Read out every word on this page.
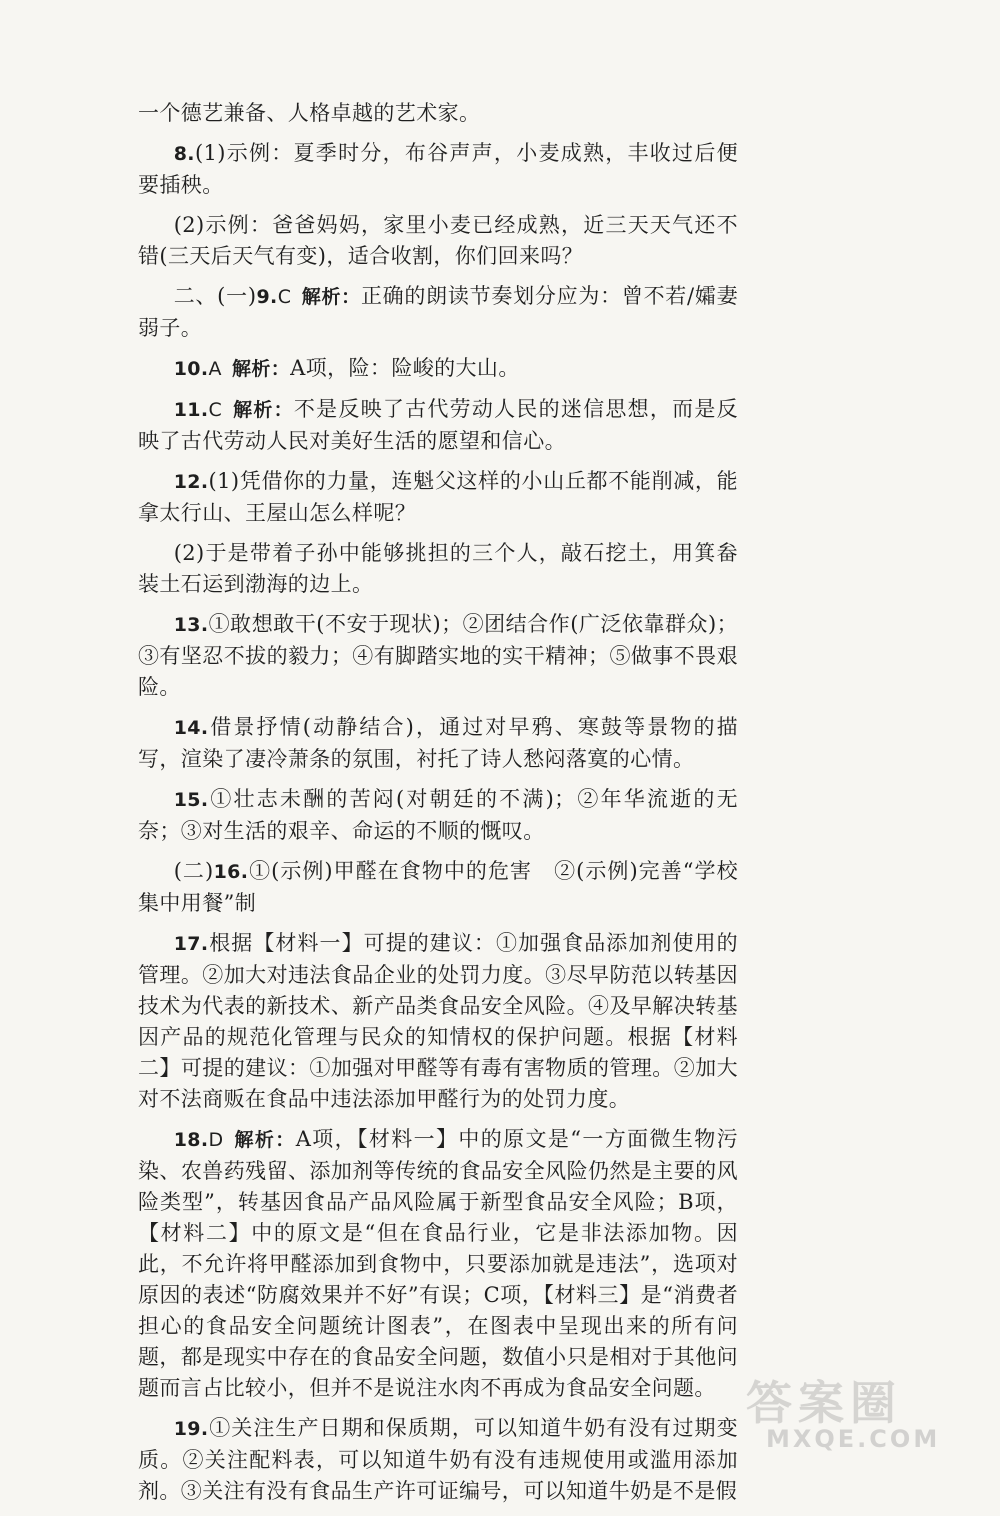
一个德艺兼备、人格卓越的艺术家。

8.(1)示例：夏季时分，布谷声声，小麦成熟，丰收过后便要插秧。

(2)示例：爸爸妈妈，家里小麦已经成熟，近三天天气还不错(三天后天气有变)，适合收割，你们回来吗？

二、(一)9.C 解析：正确的朗读节奏划分应为：曾不若/孀妻弱子。

10.A 解析：A项，险：险峻的大山。

11.C 解析：不是反映了古代劳动人民的迷信思想，而是反映了古代劳动人民对美好生活的愿望和信心。

12.(1)凭借你的力量，连魁父这样的小山丘都不能削减，能拿太行山、王屋山怎么样呢？

(2)于是带着子孙中能够挑担的三个人，敲石挖土，用箕畚装土石运到渤海的边上。

13.①敢想敢干(不安于现状)；②团结合作(广泛依靠群众)；③有坚忍不拔的毅力；④有脚踏实地的实干精神；⑤做事不畏艰险。

14.借景抒情(动静结合)，通过对早鸦、寒鼓等景物的描写，渲染了凄冷萧条的氛围，衬托了诗人愁闷落寞的心情。

15.①壮志未酬的苦闷(对朝廷的不满)；②年华流逝的无奈；③对生活的艰辛、命运的不顺的慨叹。

(二)16.①(示例)甲醛在食物中的危害　②(示例)完善“学校集中用餐”制

17.根据【材料一】可提的建议：①加强食品添加剂使用的管理。②加大对违法食品企业的处罚力度。③尽早防范以转基因技术为代表的新技术、新产品类食品安全风险。④及早解决转基因产品的规范化管理与民众的知情权的保护问题。根据【材料二】可提的建议：①加强对甲醛等有毒有害物质的管理。②加大对不法商贩在食品中违法添加甲醛行为的处罚力度。

18.D 解析：A项，【材料一】中的原文是“一方面微生物污染、农兽药残留、添加剂等传统的食品安全风险仍然是主要的风险类型”，转基因食品产品风险属于新型食品安全风险；B项，【材料二】中的原文是“但在食品行业，它是非法添加物。因此，不允许将甲醛添加到食物中，只要添加就是违法”，选项对原因的表述“防腐效果并不好”有误；C项，【材料三】是“消费者担心的食品安全问题统计图表”，在图表中呈现出来的所有问题，都是现实中存在的食品安全问题，数值小只是相对于其他问题而言占比较小，但并不是说注水肉不再成为食品安全问题。

19.①关注生产日期和保质期，可以知道牛奶有没有过期变质。②关注配料表，可以知道牛奶有没有违规使用或滥用添加剂。③关注有没有食品生产许可证编号，可以知道牛奶是不是假

答案圈
MXQE.COM
